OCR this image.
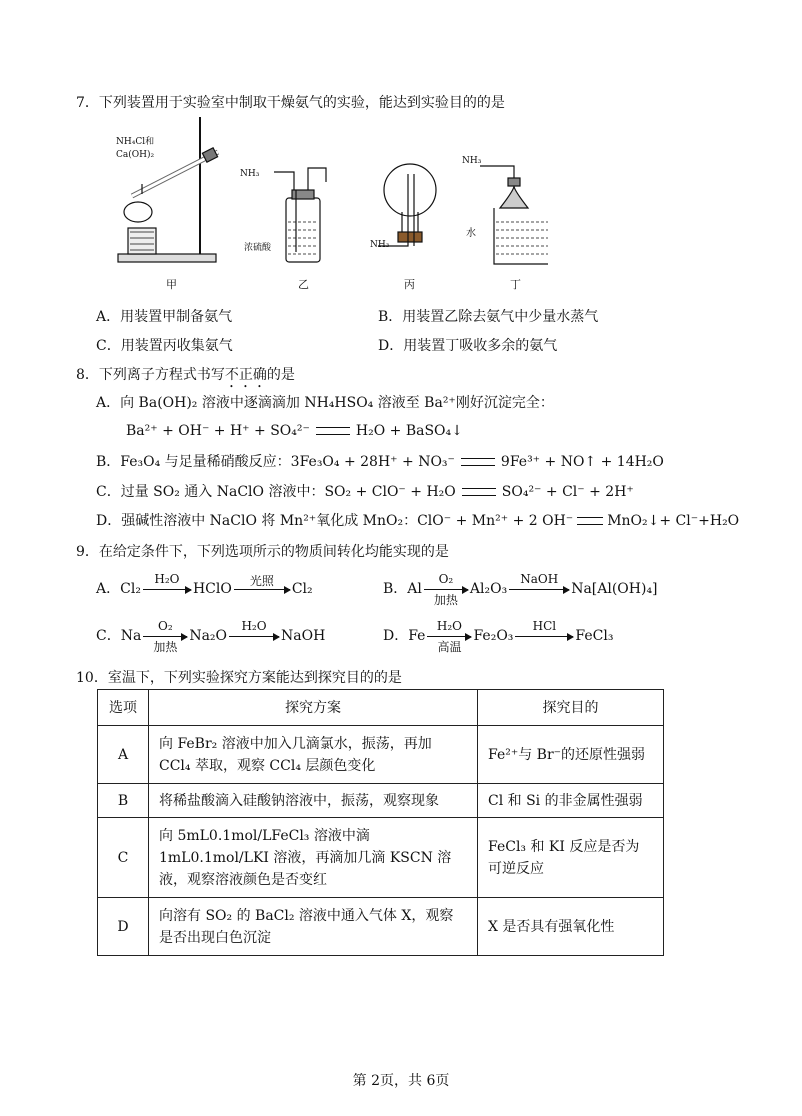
7．下列装置用于实验室中制取干燥氨气的实验，能达到实验目的的是
NH₄Cl和
Ca(OH)₂
甲
NH₃
浓硫酸
乙
NH₃
丙
NH₃
水
丁
A．用装置甲制备氨气	B．用装置乙除去氨气中少量水蒸气
C．用装置丙收集氨气	D．用装置丁吸收多余的氨气
8．下列离子方程式书写不正确的是
A．向 Ba(OH)₂ 溶液中逐滴滴加 NH₄HSO₄ 溶液至 Ba²⁺刚好沉淀完全：
Ba²⁺ + OH⁻ + H⁺ + SO₄²⁻	H₂O + BaSO₄↓
B．Fe₃O₄ 与足量稀硝酸反应：3Fe₃O₄ + 28H⁺ + NO₃⁻	9Fe³⁺ + NO↑ + 14H₂O
C．过量 SO₂ 通入 NaClO 溶液中：SO₂ + ClO⁻ + H₂O	SO₄²⁻ + Cl⁻ + 2H⁺
D．强碱性溶液中 NaClO 将 Mn²⁺氧化成 MnO₂：ClO⁻ + Mn²⁺ + 2 OH⁻ MnO₂↓+ Cl⁻+H₂O
9．在给定条件下，下列选项所示的物质间转化均能实现的是
A．Cl₂
H₂O
HClO	光照	Cl₂	B．Al
O₂
加热
Al₂O₃
NaOH
Na[Al(OH)₄]
C．Na
O₂
加热
Na₂O
H₂O
NaOH	D．Fe
H₂O
高温
Fe₂O₃
HCl
FeCl₃
10．室温下，下列实验探究方案能达到探究目的的是
选项	探究方案	探究目的
A	向 FeBr₂ 溶液中加入几滴氯水，振荡，再加 CCl₄ 萃取，观察 CCl₄ 层颜色变化	Fe²⁺与 Br⁻的还原性强弱
B	将稀盐酸滴入硅酸钠溶液中，振荡，观察现象	Cl 和 Si 的非金属性强弱
C	向 5mL0.1mol/LFeCl₃ 溶液中滴 1mL0.1mol/LKI 溶液，再滴加几滴 KSCN 溶液，观察溶液颜色是否变红	FeCl₃ 和 KI 反应是否为可逆反应
D	向溶有 SO₂ 的 BaCl₂ 溶液中通入气体 X，观察是否出现白色沉淀	X 是否具有强氧化性
第 2页，共 6页
